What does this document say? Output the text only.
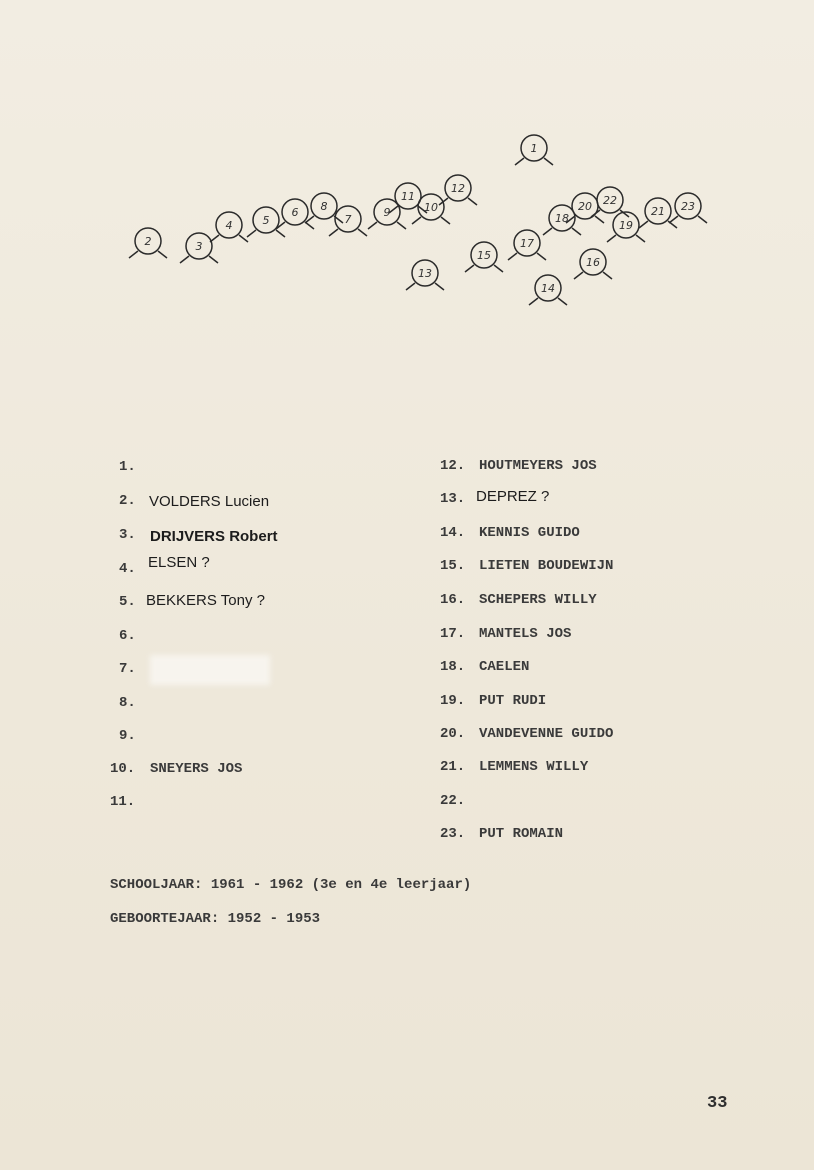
1
2	3
4	5
6 8
7
9
11
10
12
13
15
17
18
20 22
19
21 23
16
14
1.
2. VOLDERS Lucien
3. DRIJVERS Robert
4. ELSEN ?
5. BEKKERS Tony ?
6.
7.
8.
9.
10. SNEYERS JOS
11.
12. HOUTMEYERS JOS
13. DEPREZ ?
14. KENNIS GUIDO
15. LIETEN BOUDEWIJN
16. SCHEPERS WILLY
17. MANTELS JOS
18. CAELEN
19. PUT RUDI
20. VANDEVENNE GUIDO
21. LEMMENS WILLY
22.
23. PUT ROMAIN
SCHOOLJAAR: 1961 - 1962 (3e en 4e leerjaar)
GEBOORTEJAAR: 1952 - 1953
33
